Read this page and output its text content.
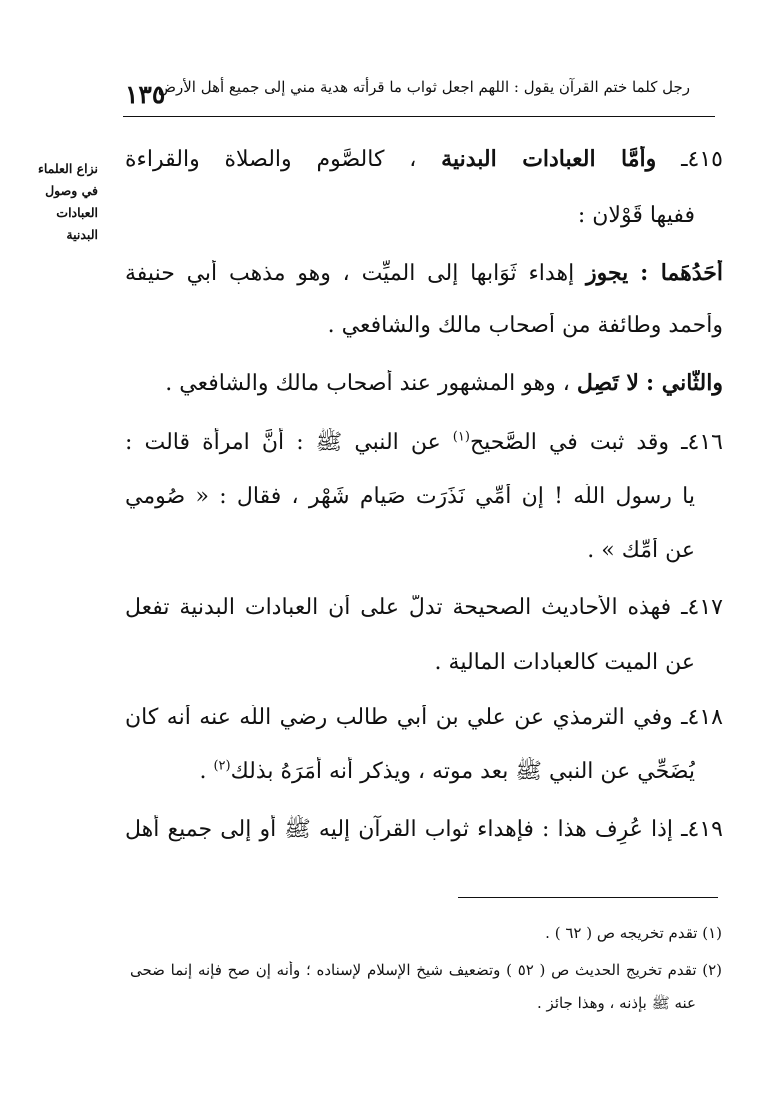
رجل كلما ختم القرآن يقول : اللهم اجعل ثواب ما قرأته هدية مني إلى جميع أهل الأرض
١٣٥
نزاع العلماء
في وصول
العبادات
البدنية
٤١٥ـ وأمَّا العبادات البدنية ، كالصَّوم والصلاة والقراءة
ففيها قَوْلان :
أَحَدُهَما : يجوز إهداء ثَوَابها إلى الميِّت ، وهو مذهب أبي حنيفة
وأحمد وطائفة من أصحاب مالك والشافعي .
والثَّاني : لا تَصِل ، وهو المشهور عند أصحاب مالك والشافعي .
٤١٦ـ وقد ثبت في الصَّحيح$^{(١)}$ عن النبي ﷺ : أنَّ امرأة قالت :
يا رسول اللَّه ! إن أُمِّي نَذَرَت صَيام شَهْر ، فقال : « صُومي
عن أُمِّك » .
٤١٧ـ فهذه الأحاديث الصحيحة تدلُّ على أن العبادات البدنية تفعل
عن الميت كالعبادات المالية .
٤١٨ـ وفي الترمذي عن علي بن أبي طالب رضي اللَّه عنه أنه كان
يُضَحِّي عن النبي ﷺ بعد موته ، ويذكر أنه أَمَرَهُ بذلك$^{(٢)}$ .
٤١٩ـ إذا عُرِف هذا : فإهداء ثواب القرآن إليه ﷺ أو إلى جميع أهل
(١) تقدم تخريجه ص ( ٦٢ ) .
(٢) تقدم تخريج الحديث ص ( ٥٢ ) وتضعيف شيخ الإسلام لإسناده ؛ وأنه إن صح فإنه إنما ضحى
عنه ﷺ بإذنه ، وهذا جائز .
